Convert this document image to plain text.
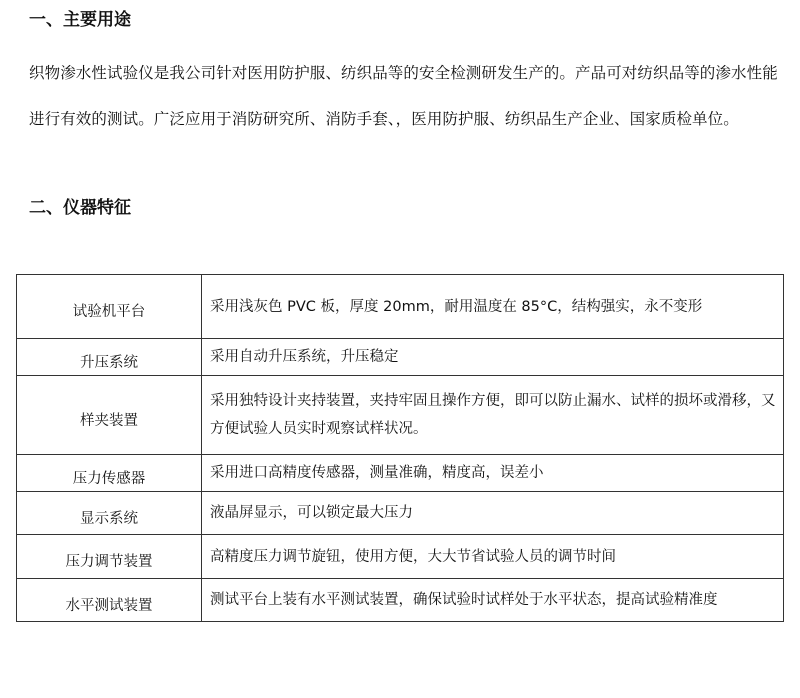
一、主要用途

织物渗水性试验仪是我公司针对医用防护服、纺织品等的安全检测研发生产的。产品可对纺织品等的渗水性能进行有效的测试。广泛应用于消防研究所、消防手套、，医用防护服、纺织品生产企业、国家质检单位。

二、仪器特征
试验机平台	采用浅灰色 PVC 板，厚度 20mm，耐用温度在 85°C，结构强实，永不变形
升压系统	采用自动升压系统，升压稳定
样夹装置	采用独特设计夹持装置，夹持牢固且操作方便，即可以防止漏水、试样的损坏或滑移，又方便试验人员实时观察试样状况。
压力传感器	采用进口高精度传感器，测量准确，精度高，误差小
显示系统	液晶屏显示，可以锁定最大压力
压力调节装置	高精度压力调节旋钮，使用方便，大大节省试验人员的调节时间
水平测试装置	测试平台上装有水平测试装置，确保试验时试样处于水平状态，提高试验精准度
